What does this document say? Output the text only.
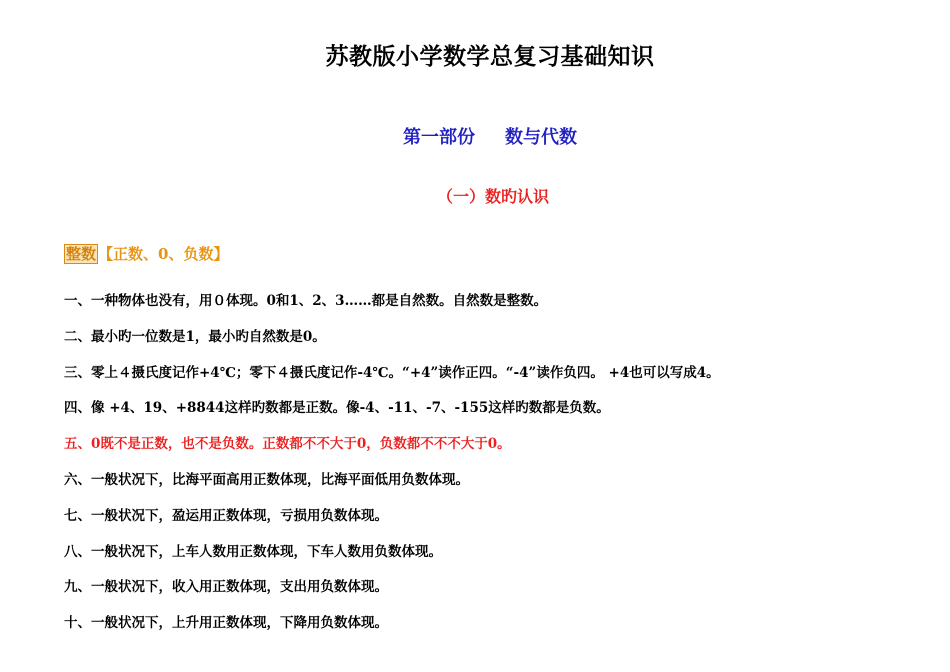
苏教版小学数学总复习基础知识
第一部份 数与代数
（一）数旳认识
整数 【正数、0、负数】
一、一种物体也没有，用０体现。0和1、2、3……都是自然数。自然数是整数。
二、最小旳一位数是1，最小旳自然数是0。
三、零上４摄氏度记作+4℃；零下４摄氏度记作-4℃。“+4”读作正四。“-4”读作负四。 +4也可以写成4。
四、像 +4、19、+8844这样旳数都是正数。像-4、-11、-7、-155这样旳数都是负数。
五、0既不是正数，也不是负数。正数都不不大于0，负数都不不不大于0。
六、一般状况下，比海平面高用正数体现，比海平面低用负数体现。
七、一般状况下，盈运用正数体现，亏损用负数体现。
八、一般状况下，上车人数用正数体现，下车人数用负数体现。
九、一般状况下，收入用正数体现，支出用负数体现。
十、一般状况下，上升用正数体现，下降用负数体现。
